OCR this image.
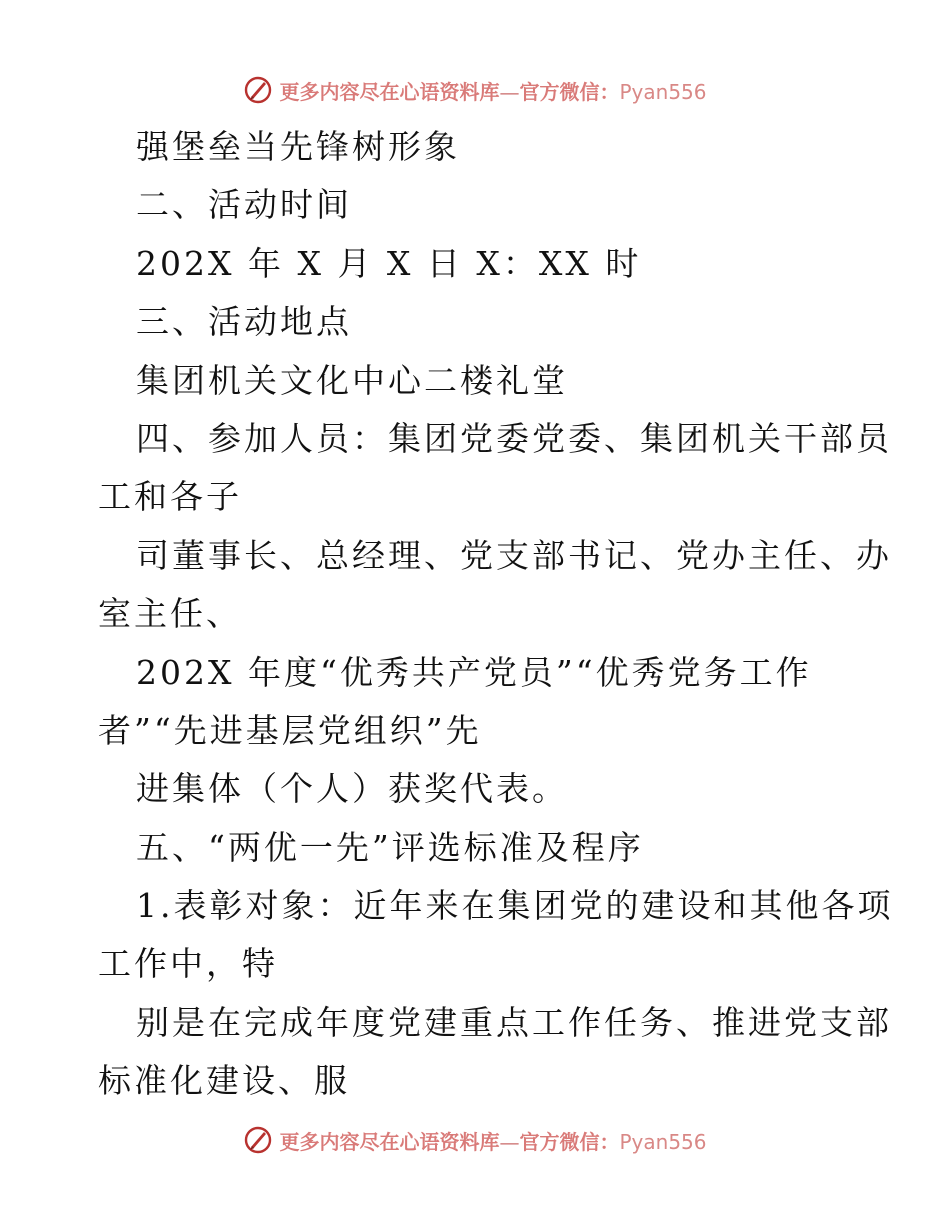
更多内容尽在心语资料库—官方微信：Pyan556
强堡垒当先锋树形象
二、活动时间
202X 年 X 月 X 日 X：XX 时
三、活动地点
集团机关文化中心二楼礼堂
四、参加人员：集团党委党委、集团机关干部员
工和各子
司董事长、总经理、党支部书记、党办主任、办
室主任、
202X 年度“优秀共产党员”“优秀党务工作
者”“先进基层党组织”先
进集体（个人）获奖代表。
五、“两优一先”评选标准及程序
1.表彰对象：近年来在集团党的建设和其他各项
工作中，特
别是在完成年度党建重点工作任务、推进党支部
标准化建设、服
更多内容尽在心语资料库—官方微信：Pyan556
